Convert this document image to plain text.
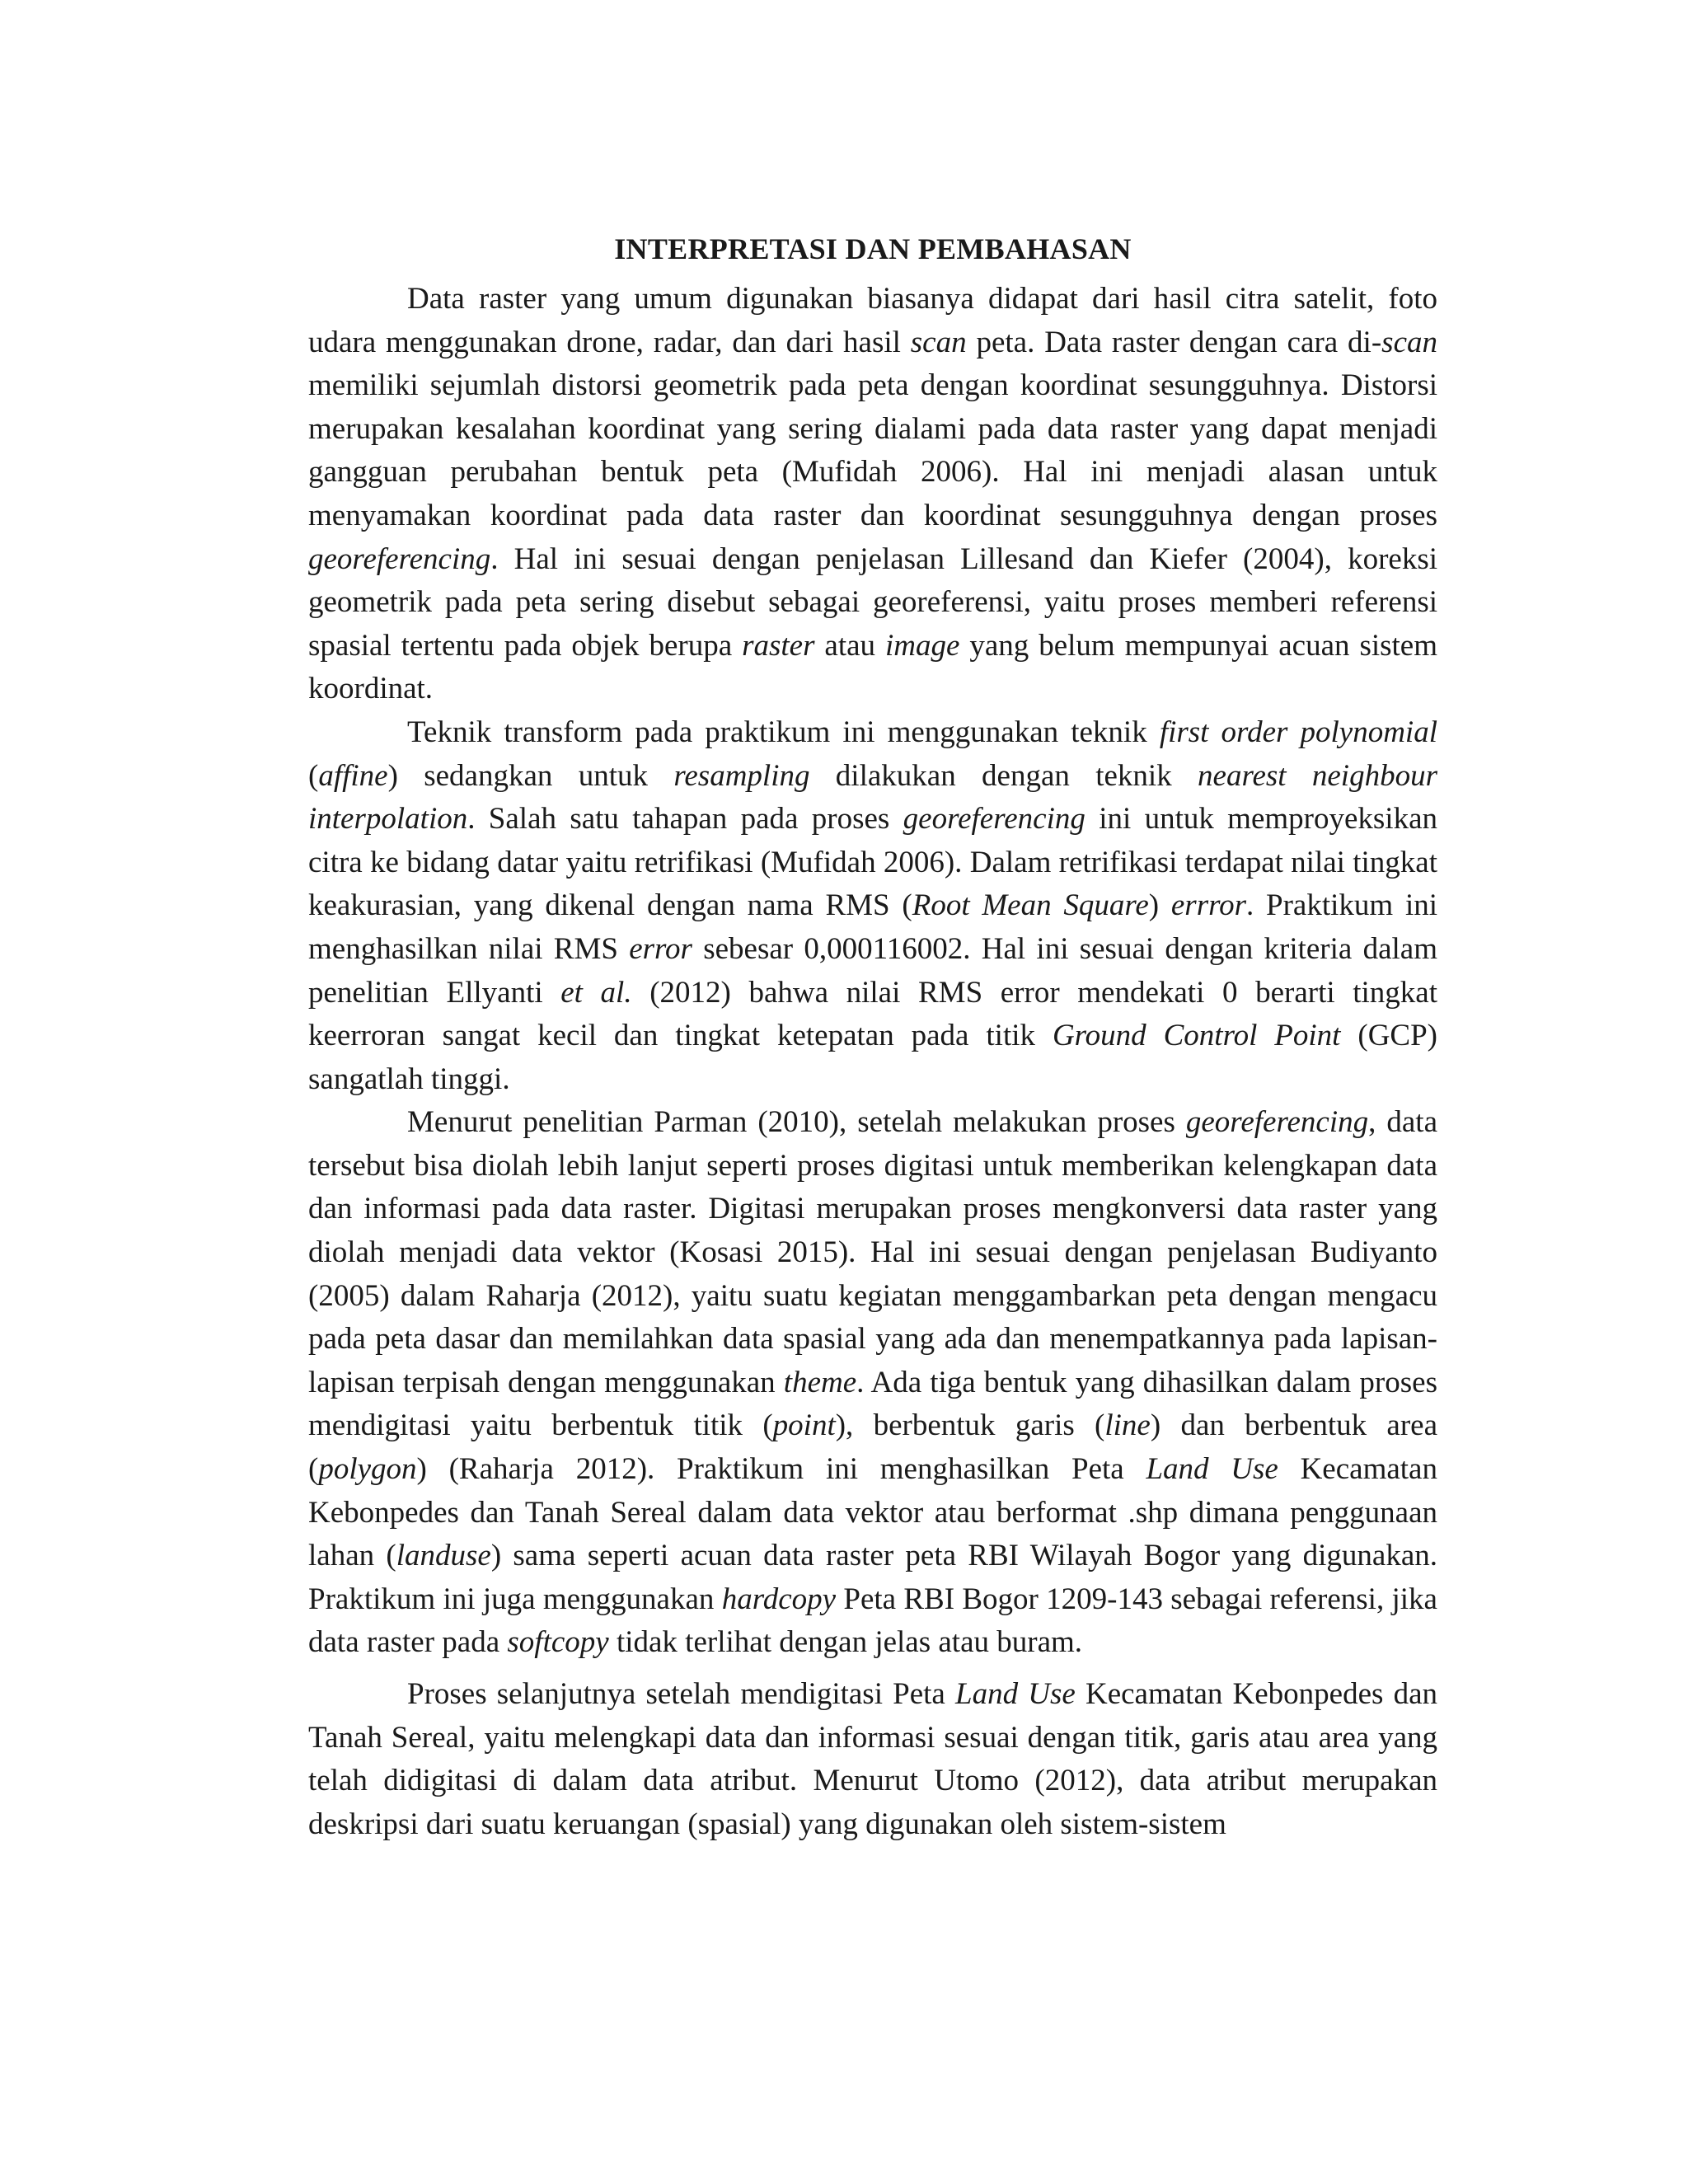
INTERPRETASI DAN PEMBAHASAN

Data raster yang umum digunakan biasanya didapat dari hasil citra satelit, foto udara menggunakan drone, radar, dan dari hasil scan peta. Data raster dengan cara di-scan memiliki sejumlah distorsi geometrik pada peta dengan koordinat sesungguhnya. Distorsi merupakan kesalahan koordinat yang sering dialami pada data raster yang dapat menjadi gangguan perubahan bentuk peta (Mufidah 2006). Hal ini menjadi alasan untuk menyamakan koordinat pada data raster dan koordinat sesungguhnya dengan proses georeferencing. Hal ini sesuai dengan penjelasan Lillesand dan Kiefer (2004), koreksi geometrik pada peta sering disebut sebagai georeferensi, yaitu proses memberi referensi spasial tertentu pada objek berupa raster atau image yang belum mempunyai acuan sistem koordinat.

Teknik transform pada praktikum ini menggunakan teknik first order polynomial (affine) sedangkan untuk resampling dilakukan dengan teknik nearest neighbour interpolation. Salah satu tahapan pada proses georeferencing ini untuk memproyeksikan citra ke bidang datar yaitu retrifikasi (Mufidah 2006). Dalam retrifikasi terdapat nilai tingkat keakurasian, yang dikenal dengan nama RMS (Root Mean Square) errror. Praktikum ini menghasilkan nilai RMS error sebesar 0,000116002. Hal ini sesuai dengan kriteria dalam penelitian Ellyanti et al. (2012) bahwa nilai RMS error mendekati 0 berarti tingkat keerroran sangat kecil dan tingkat ketepatan pada titik Ground Control Point (GCP) sangatlah tinggi.

Menurut penelitian Parman (2010), setelah melakukan proses georeferencing, data tersebut bisa diolah lebih lanjut seperti proses digitasi untuk memberikan kelengkapan data dan informasi pada data raster. Digitasi merupakan proses mengkonversi data raster yang diolah menjadi data vektor (Kosasi 2015). Hal ini sesuai dengan penjelasan Budiyanto (2005) dalam Raharja (2012), yaitu suatu kegiatan menggambarkan peta dengan mengacu pada peta dasar dan memilahkan data spasial yang ada dan menempatkannya pada lapisan-lapisan terpisah dengan menggunakan theme. Ada tiga bentuk yang dihasilkan dalam proses mendigitasi yaitu berbentuk titik (point), berbentuk garis (line) dan berbentuk area (polygon) (Raharja 2012). Praktikum ini menghasilkan Peta Land Use Kecamatan Kebonpedes dan Tanah Sereal dalam data vektor atau berformat .shp dimana penggunaan lahan (landuse) sama seperti acuan data raster peta RBI Wilayah Bogor yang digunakan. Praktikum ini juga menggunakan hardcopy Peta RBI Bogor 1209-143 sebagai referensi, jika data raster pada softcopy tidak terlihat dengan jelas atau buram.

Proses selanjutnya setelah mendigitasi Peta Land Use Kecamatan Kebonpedes dan Tanah Sereal, yaitu melengkapi data dan informasi sesuai dengan titik, garis atau area yang telah didigitasi di dalam data atribut. Menurut Utomo (2012), data atribut merupakan deskripsi dari suatu keruangan (spasial) yang digunakan oleh sistem-sistem
